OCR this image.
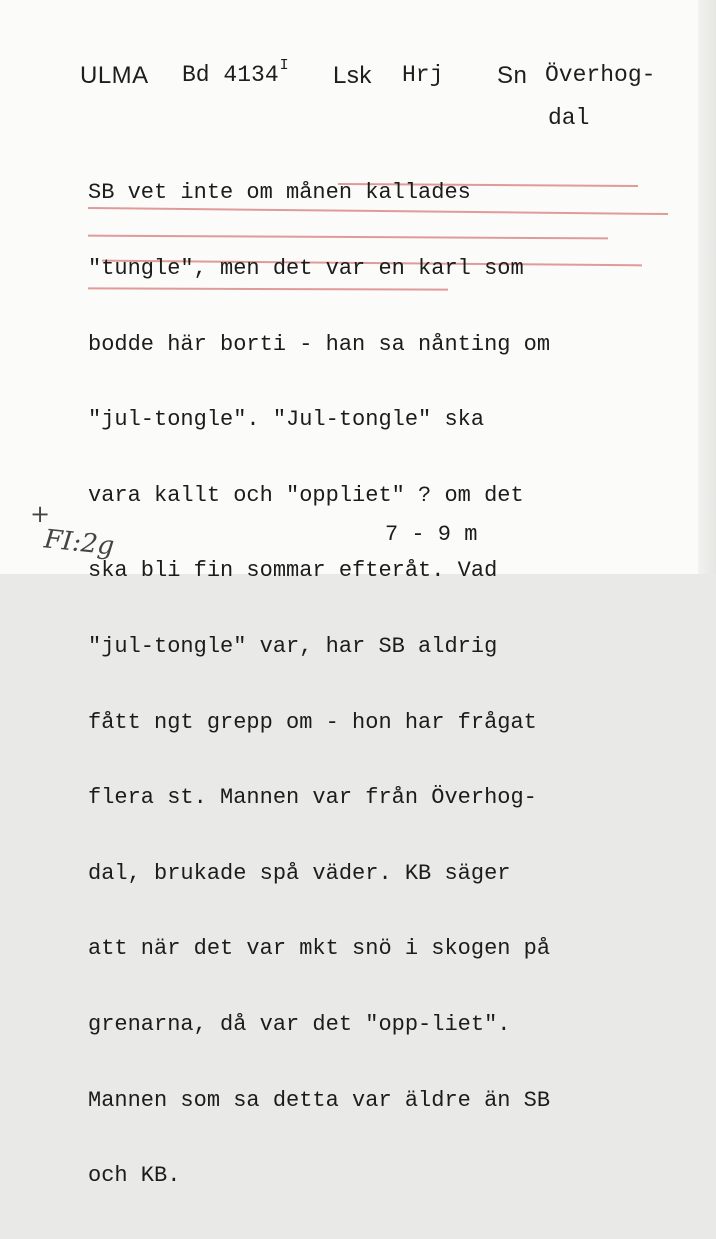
ULMA Bd $4134^I$ Lsk Hrj Sn Överhog-
dal

SB vet inte om månen kallades

"tungle", men det var en karl som

bodde här borti - han sa nånting om

"jul-tongle". "Jul-tongle" ska

vara kallt och "oppliet" ? om det

ska bli fin sommar efteråt. Vad

"jul-tongle" var, har SB aldrig

fått ngt grepp om - hon har frågat

flera st. Mannen var från Överhog-

dal, brukade spå väder. KB säger

att när det var mkt snö i skogen på

grenarna, då var det "opp-liet".

Mannen som sa detta var äldre än SB

och KB.

+
FI:2g	7 - 9 m
